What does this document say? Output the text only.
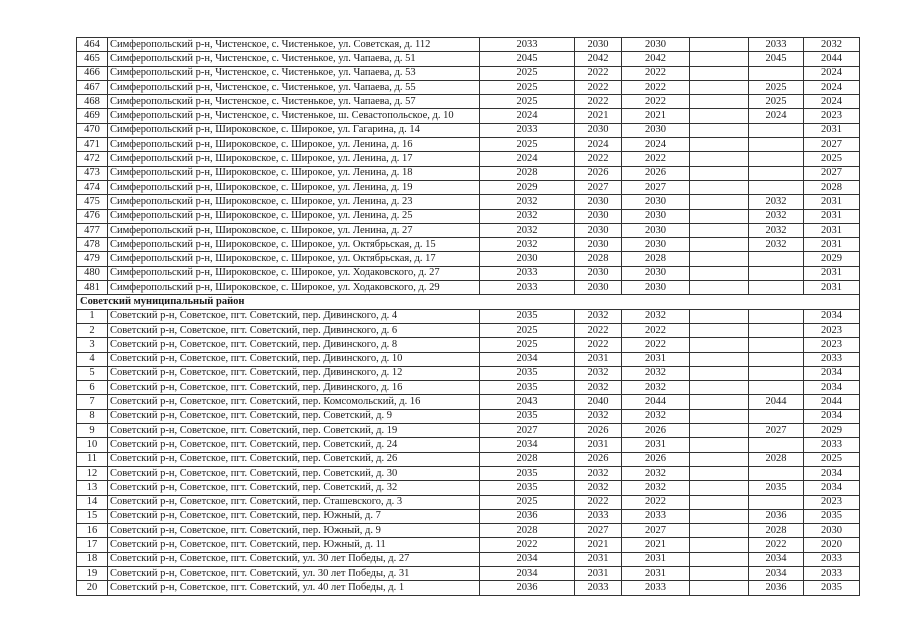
464	Симферопольский р-н, Чистенское, с. Чистенькое, ул. Советская, д. 112	2033	2030	2030		2033	2032
465	Симферопольский р-н, Чистенское, с. Чистенькое, ул. Чапаева, д. 51	2045	2042	2042		2045	2044
466	Симферопольский р-н, Чистенское, с. Чистенькое, ул. Чапаева, д. 53	2025	2022	2022			2024
467	Симферопольский р-н, Чистенское, с. Чистенькое, ул. Чапаева, д. 55	2025	2022	2022		2025	2024
468	Симферопольский р-н, Чистенское, с. Чистенькое, ул. Чапаева, д. 57	2025	2022	2022		2025	2024
469	Симферопольский р-н, Чистенское, с. Чистенькое, ш. Севастопольское, д. 10	2024	2021	2021		2024	2023
470	Симферопольский р-н, Широковское, с. Широкое, ул. Гагарина, д. 14	2033	2030	2030			2031
471	Симферопольский р-н, Широковское, с. Широкое, ул. Ленина, д. 16	2025	2024	2024			2027
472	Симферопольский р-н, Широковское, с. Широкое, ул. Ленина, д. 17	2024	2022	2022			2025
473	Симферопольский р-н, Широковское, с. Широкое, ул. Ленина, д. 18	2028	2026	2026			2027
474	Симферопольский р-н, Широковское, с. Широкое, ул. Ленина, д. 19	2029	2027	2027			2028
475	Симферопольский р-н, Широковское, с. Широкое, ул. Ленина, д. 23	2032	2030	2030		2032	2031
476	Симферопольский р-н, Широковское, с. Широкое, ул. Ленина, д. 25	2032	2030	2030		2032	2031
477	Симферопольский р-н, Широковское, с. Широкое, ул. Ленина, д. 27	2032	2030	2030		2032	2031
478	Симферопольский р-н, Широковское, с. Широкое, ул. Октябрьская, д. 15	2032	2030	2030		2032	2031
479	Симферопольский р-н, Широковское, с. Широкое, ул. Октябрьская, д. 17	2030	2028	2028			2029
480	Симферопольский р-н, Широковское, с. Широкое, ул. Ходаковского, д. 27	2033	2030	2030			2031
481	Симферопольский р-н, Широковское, с. Широкое, ул. Ходаковского, д. 29	2033	2030	2030			2031
Советский муниципальный район							
1	Советский р-н, Советское, пгт. Советский, пер. Дивинского, д. 4	2035	2032	2032			2034
2	Советский р-н, Советское, пгт. Советский, пер. Дивинского, д. 6	2025	2022	2022			2023
3	Советский р-н, Советское, пгт. Советский, пер. Дивинского, д. 8	2025	2022	2022			2023
4	Советский р-н, Советское, пгт. Советский, пер. Дивинского, д. 10	2034	2031	2031			2033
5	Советский р-н, Советское, пгт. Советский, пер. Дивинского, д. 12	2035	2032	2032			2034
6	Советский р-н, Советское, пгт. Советский, пер. Дивинского, д. 16	2035	2032	2032			2034
7	Советский р-н, Советское, пгт. Советский, пер. Комсомольский, д. 16	2043	2040	2044		2044	2044
8	Советский р-н, Советское, пгт. Советский, пер. Советский, д. 9	2035	2032	2032			2034
9	Советский р-н, Советское, пгт. Советский, пер. Советский, д. 19	2027	2026	2026		2027	2029
10	Советский р-н, Советское, пгт. Советский, пер. Советский, д. 24	2034	2031	2031			2033
11	Советский р-н, Советское, пгт. Советский, пер. Советский, д. 26	2028	2026	2026		2028	2025
12	Советский р-н, Советское, пгт. Советский, пер. Советский, д. 30	2035	2032	2032			2034
13	Советский р-н, Советское, пгт. Советский, пер. Советский, д. 32	2035	2032	2032		2035	2034
14	Советский р-н, Советское, пгт. Советский, пер. Сташевского, д. 3	2025	2022	2022			2023
15	Советский р-н, Советское, пгт. Советский, пер. Южный, д. 7	2036	2033	2033		2036	2035
16	Советский р-н, Советское, пгт. Советский, пер. Южный, д. 9	2028	2027	2027		2028	2030
17	Советский р-н, Советское, пгт. Советский, пер. Южный, д. 11	2022	2021	2021		2022	2020
18	Советский р-н, Советское, пгт. Советский, ул. 30 лет Победы, д. 27	2034	2031	2031		2034	2033
19	Советский р-н, Советское, пгт. Советский, ул. 30 лет Победы, д. 31	2034	2031	2031		2034	2033
20	Советский р-н, Советское, пгт. Советский, ул. 40 лет Победы, д. 1	2036	2033	2033		2036	2035
